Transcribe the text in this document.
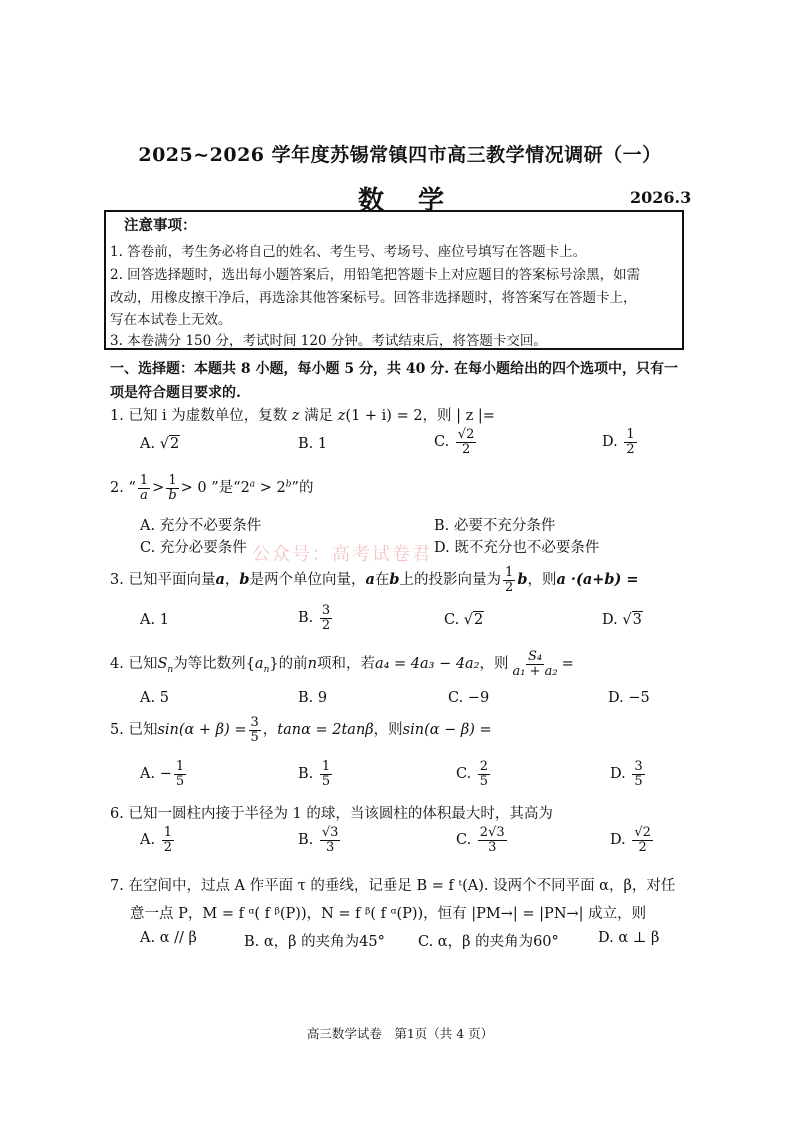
2025~2026 学年度苏锡常镇四市高三教学情况调研（一）
数学	2026.3
注意事项：
1. 答卷前，考生务必将自己的姓名、考生号、考场号、座位号填写在答题卡上。
2. 回答选择题时，选出每小题答案后，用铅笔把答题卡上对应题目的答案标号涂黑，如需
改动，用橡皮擦干净后，再选涂其他答案标号。回答非选择题时，将答案写在答题卡上，
写在本试卷上无效。
3. 本卷满分 150 分，考试时间 120 分钟。考试结束后，将答题卡交回。
一、选择题：本题共 8 小题，每小题 5 分，共 40 分. 在每小题给出的四个选项中，只有一
项是符合题目要求的.
1. 已知 i 为虚数单位，复数 z 满足 z(1 + i) = 2，则 | z |=
A. √2	B. 1	C. $\frac{√2}{2}$	D. $\frac{1}{2}$
2. “ $\frac{1}{a} > \frac{1}{b} > 0$ ”是“$2^a > 2^b$”的
A. 充分不必要条件	B. 必要不充分条件
C. 充分必要条件	D. 既不充分也不必要条件
公众号：高考试卷君
3. 已知平面向量a，b是两个单位向量，a在b上的投影向量为 $\frac{1}{2}$ b，则a ·(a+b) =
A. 1	B. $\frac{3}{2}$	C. √2	D. √3
4. 已知$S_n$为等比数列$\{a_n\}$的前n项和，若a₄ = 4a₃ − 4a₂，则 $\frac{\text{S₄}}{\text{a₁ + a₂}}$ =
A. 5	B. 9	C. −9	D. −5
5. 已知$\sin(\alpha + \beta) = \frac{3}{5}$ ，tanα = 2tanβ，则sin(α − β) =
A. − $\frac{1}{5}$	B. $\frac{1}{5}$	C. $\frac{2}{5}$	D. $\frac{3}{5}$
6. 已知一圆柱内接于半径为 1 的球，当该圆柱的体积最大时，其高为
A. $\frac{1}{2}$	B. $\frac{√3}{3}$	C. $\frac{2√3}{3}$	D. $\frac{√2}{2}$
7. 在空间中，过点 A 作平面 τ 的垂线，记垂足 B = f ᵗ(A). 设两个不同平面 α，β，对任
意一点 P，M = f ᵅ( f ᵝ(P))，N = f ᵝ( f ᵅ(P))，恒有 |PM→| = |PN→| 成立，则
A. α // β	B. α，β 的夹角为45° C. α，β 的夹角为60°	D. α ⊥ β
高三数学试卷　第1页（共 4 页）
